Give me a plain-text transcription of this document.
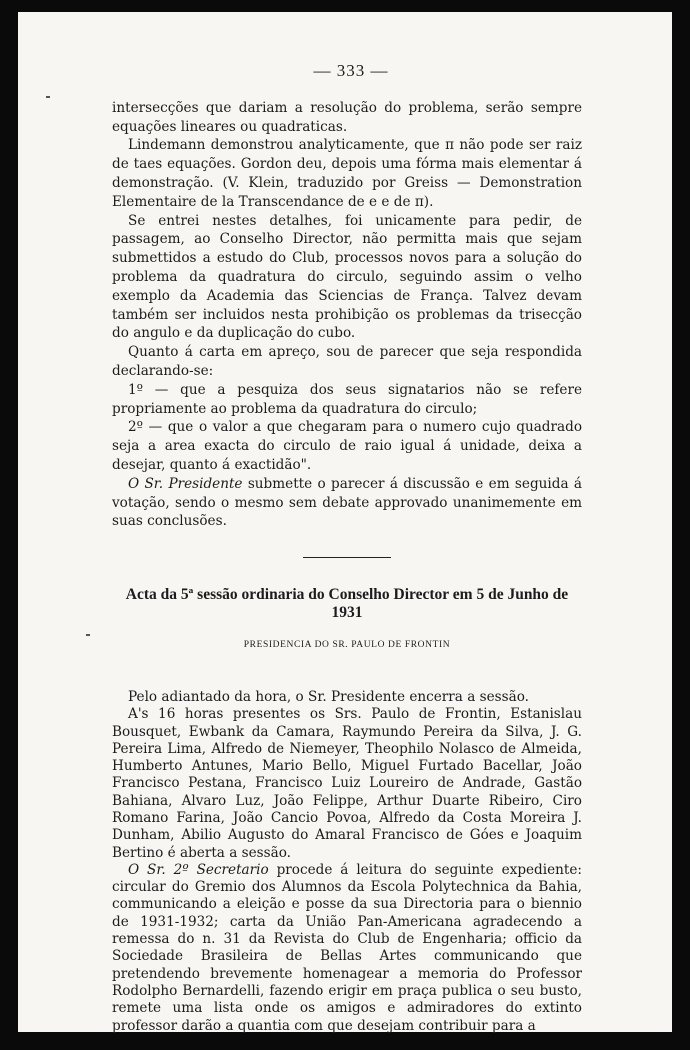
— 333 —

intersecções que dariam a resolução do problema, serão sempre equações lineares ou quadraticas.

Lindemann demonstrou analyticamente, que π não pode ser raiz de taes equações. Gordon deu, depois uma fórma mais elementar á demonstração. (V. Klein, traduzido por Greiss — Demonstration Elementaire de la Transcendance de e e de π).

Se entrei nestes detalhes, foi unicamente para pedir, de passagem, ao Conselho Director, não permitta mais que sejam submettidos a estudo do Club, processos novos para a solução do problema da quadratura do circulo, seguindo assim o velho exemplo da Academia das Sciencias de França. Talvez devam também ser incluidos nesta prohibição os problemas da trisecção do angulo e da duplicação do cubo.

Quanto á carta em apreço, sou de parecer que seja respondida declarando-se:

1º — que a pesquiza dos seus signatarios não se refere propriamente ao problema da quadratura do circulo;

2º — que o valor a que chegaram para o numero cujo quadrado seja a area exacta do circulo de raio igual á unidade, deixa a desejar, quanto á exactidão".

O Sr. Presidente submette o parecer á discussão e em seguida á votação, sendo o mesmo sem debate approvado unanimemente em suas conclusões.

Acta da 5ª sessão ordinaria do Conselho Director em 5 de Junho de 1931
PRESIDENCIA DO SR. PAULO DE FRONTIN

Pelo adiantado da hora, o Sr. Presidente encerra a sessão.

A's 16 horas presentes os Srs. Paulo de Frontin, Estanislau Bousquet, Ewbank da Camara, Raymundo Pereira da Silva, J. G. Pereira Lima, Alfredo de Niemeyer, Theophilo Nolasco de Almeida, Humberto Antunes, Mario Bello, Miguel Furtado Bacellar, João Francisco Pestana, Francisco Luiz Loureiro de Andrade, Gastão Bahiana, Alvaro Luz, João Felippe, Arthur Duarte Ribeiro, Ciro Romano Farina, João Cancio Povoa, Alfredo da Costa Moreira J. Dunham, Abilio Augusto do Amaral Francisco de Góes e Joaquim Bertino é aberta a sessão.

O Sr. 2º Secretario procede á leitura do seguinte expediente: circular do Gremio dos Alumnos da Escola Polytechnica da Bahia, communicando a eleição e posse da sua Directoria para o biennio de 1931-1932; carta da União Pan-Americana agradecendo a remessa do n. 31 da Revista do Club de Engenharia; officio da Sociedade Brasileira de Bellas Artes communicando que pretendendo brevemente homenagear a memoria do Professor Rodolpho Bernardelli, fazendo erigir em praça publica o seu busto, remete uma lista onde os amigos e admiradores do extinto professor darão a quantia com que desejam contribuir para a
